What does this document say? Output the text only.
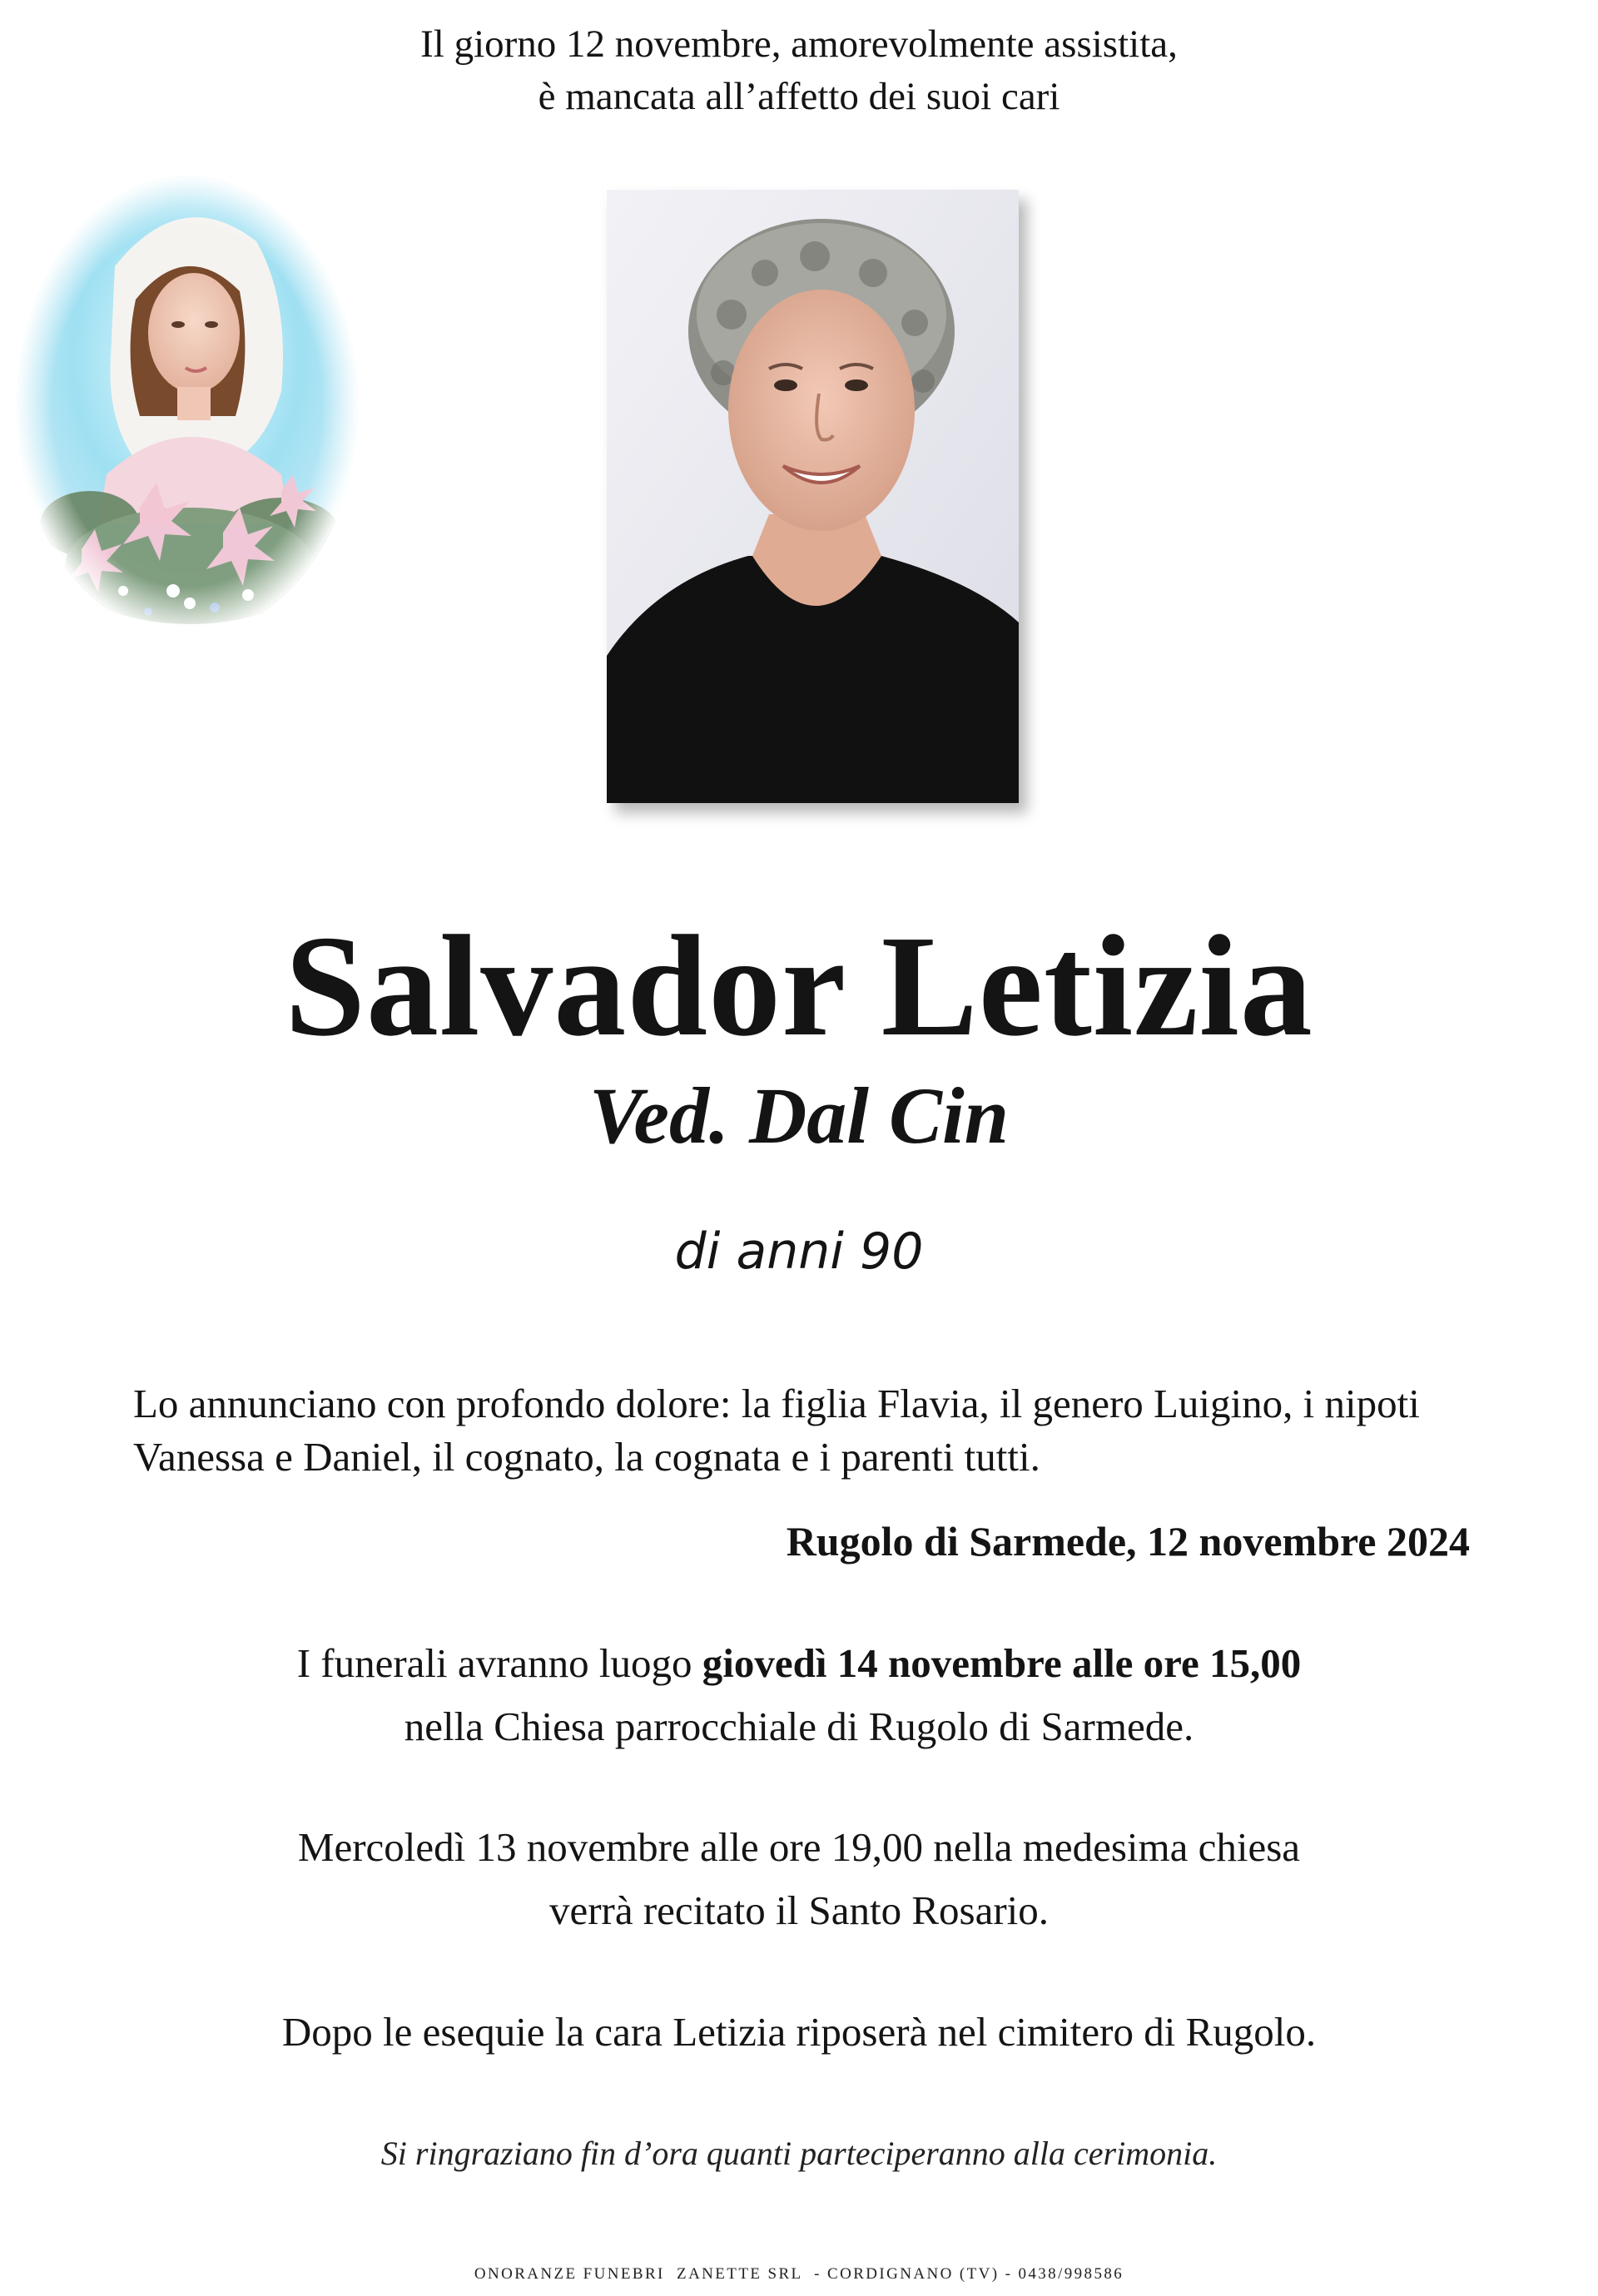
Il giorno 12 novembre, amorevolmente assistita,
è mancata all’affetto dei suoi cari
Salvador Letizia
Ved. Dal Cin
di anni 90
Lo annunciano con profondo dolore: la figlia Flavia, il genero Luigino, i nipoti Vanessa e Daniel, il cognato, la cognata e i parenti tutti.
Rugolo di Sarmede, 12 novembre 2024
I funerali avranno luogo giovedì 14 novembre alle ore 15,00
nella Chiesa parrocchiale di Rugolo di Sarmede.
Mercoledì 13 novembre alle ore 19,00 nella medesima chiesa
verrà recitato il Santo Rosario.
Dopo le esequie la cara Letizia riposerà nel cimitero di Rugolo.
Si ringraziano fin d’ora quanti parteciperanno alla cerimonia.
ONORANZE FUNEBRI  ZANETTE SRL  - CORDIGNANO (TV) - 0438/998586
